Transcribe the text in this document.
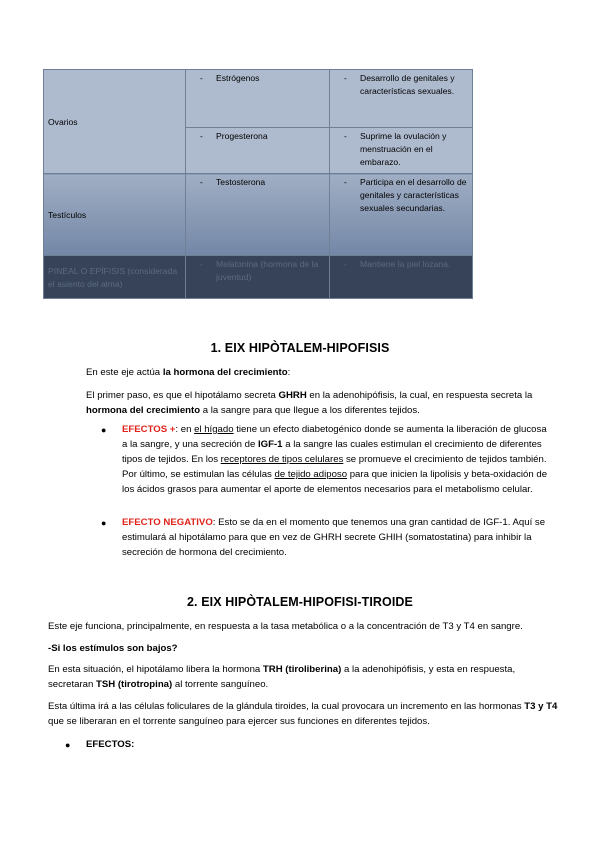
Ovarios	- Estrógenos	- Desarrollo de genitales y características sexuales.

	- Progesterona	- Suprime la ovulación y menstruación en el embarazo.

Testículos	- Testosterona	- Participa en el desarrollo de genitales y características sexuales secundarias.

PINEAL O EPÍFISIS (considerada el asiento del alma)	- Melatonina (hormona de la juventud)	- Mantiene la piel lozana.
1. EIX HIPÒTALEM-HIPOFISIS

En este eje actúa la hormona del crecimiento:

El primer paso, es que el hipotálamo secreta GHRH en la adenohipófisis, la cual, en respuesta secreta la hormona del crecimiento a la sangre para que llegue a los diferentes tejidos.

● EFECTOS +: en el hígado tiene un efecto diabetogénico donde se aumenta la liberación de glucosa a la sangre, y una secreción de IGF-1 a la sangre las cuales estimulan el crecimiento de diferentes tipos de tejidos. En los receptores de tipos celulares se promueve el crecimiento de tejidos también. Por último, se estimulan las células de tejido adiposo para que inicien la lipolisis y beta-oxidación de los ácidos grasos para aumentar el aporte de elementos necesarios para el metabolismo celular.

● EFECTO NEGATIVO: Esto se da en el momento que tenemos una gran cantidad de IGF-1. Aquí se estimulará al hipotálamo para que en vez de GHRH secrete GHIH (somatostatina) para inhibir la secreción de hormona del crecimiento.

2. EIX HIPÒTALEM-HIPOFISI-TIROIDE

Este eje funciona, principalmente, en respuesta a la tasa metabólica o a la concentración de T3 y T4 en sangre.

-Si los estímulos son bajos?

En esta situación, el hipotálamo libera la hormona TRH (tiroliberina) a la adenohipófisis, y esta en respuesta, secretaran TSH (tirotropina) al torrente sanguíneo.

Esta última irá a las células foliculares de la glándula tiroides, la cual provocara un incremento en las hormonas T3 y T4 que se liberaran en el torrente sanguíneo para ejercer sus funciones en diferentes tejidos.

● EFECTOS:
